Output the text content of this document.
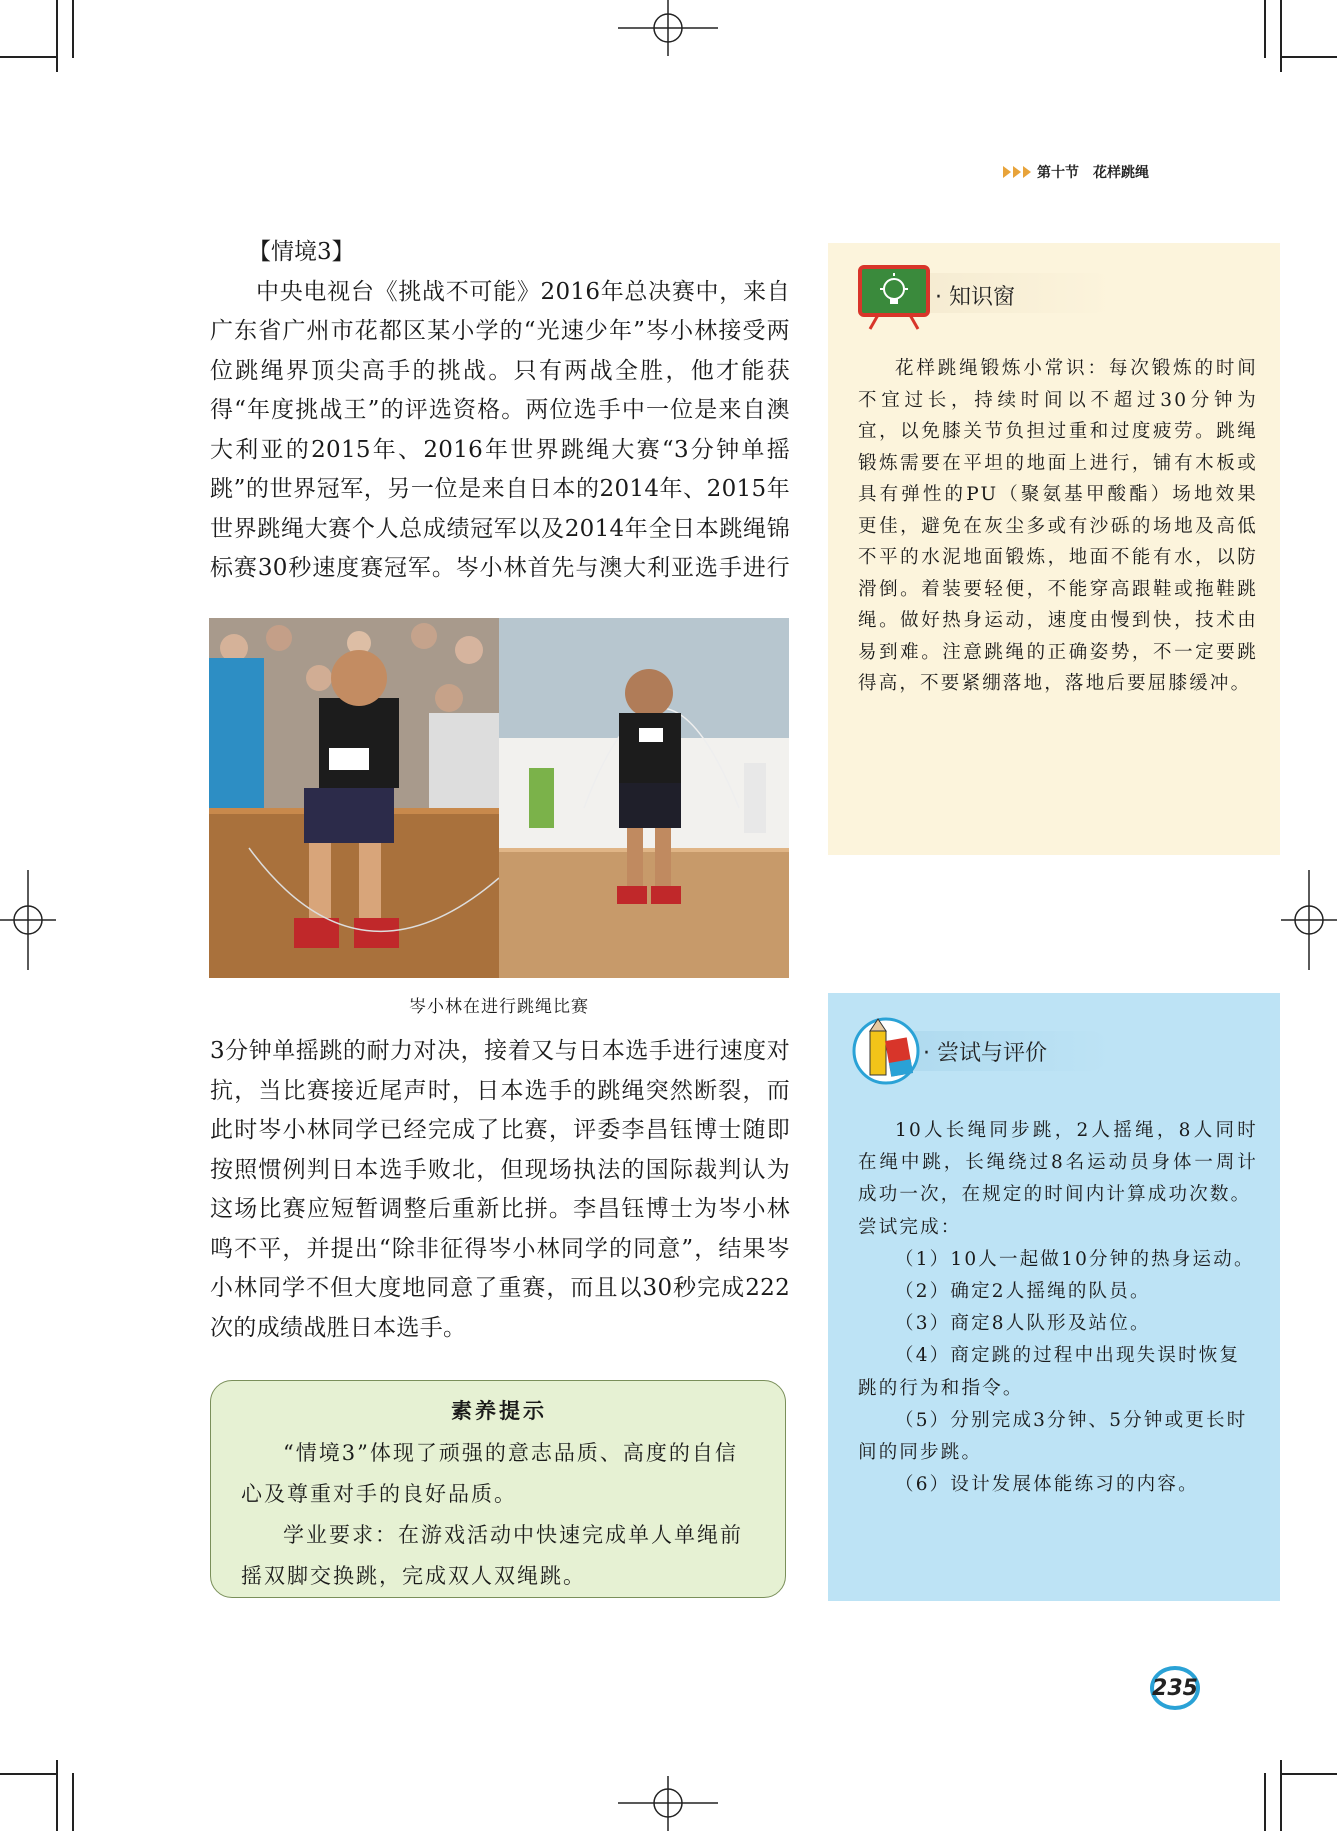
第十节 花样跳绳

【情境3】

中央电视台《挑战不可能》2016年总决赛中，来自广东省广州市花都区某小学的“光速少年”岑小林接受两位跳绳界顶尖高手的挑战。只有两战全胜，他才能获得“年度挑战王”的评选资格。两位选手中一位是来自澳大利亚的2015年、2016年世界跳绳大赛“3分钟单摇跳”的世界冠军，另一位是来自日本的2014年、2015年世界跳绳大赛个人总成绩冠军以及2014年全日本跳绳锦标赛30秒速度赛冠军。岑小林首先与澳大利亚选手进行

岑小林在进行跳绳比赛

3分钟单摇跳的耐力对决，接着又与日本选手进行速度对抗，当比赛接近尾声时，日本选手的跳绳突然断裂，而此时岑小林同学已经完成了比赛，评委李昌钰博士随即按照惯例判日本选手败北，但现场执法的国际裁判认为这场比赛应短暂调整后重新比拼。李昌钰博士为岑小林鸣不平，并提出“除非征得岑小林同学的同意”，结果岑小林同学不但大度地同意了重赛，而且以30秒完成222次的成绩战胜日本选手。

素养提示

“情境3”体现了顽强的意志品质、高度的自信心及尊重对手的良好品质。

学业要求：在游戏活动中快速完成单人单绳前摇双脚交换跳，完成双人双绳跳。

· 知识窗

花样跳绳锻炼小常识：每次锻炼的时间不宜过长，持续时间以不超过30分钟为宜，以免膝关节负担过重和过度疲劳。跳绳锻炼需要在平坦的地面上进行，铺有木板或具有弹性的PU（聚氨基甲酸酯）场地效果更佳，避免在灰尘多或有沙砾的场地及高低不平的水泥地面锻炼，地面不能有水，以防滑倒。着装要轻便，不能穿高跟鞋或拖鞋跳绳。做好热身运动，速度由慢到快，技术由易到难。注意跳绳的正确姿势，不一定要跳得高，不要紧绷落地，落地后要屈膝缓冲。

· 尝试与评价

10人长绳同步跳，2人摇绳，8人同时在绳中跳，长绳绕过8名运动员身体一周计成功一次，在规定的时间内计算成功次数。

尝试完成：

（1）10人一起做10分钟的热身运动。

（2）确定2人摇绳的队员。

（3）商定8人队形及站位。

（4）商定跳的过程中出现失误时恢复跳的行为和指令。

（5）分别完成3分钟、5分钟或更长时间的同步跳。

（6）设计发展体能练习的内容。

235
